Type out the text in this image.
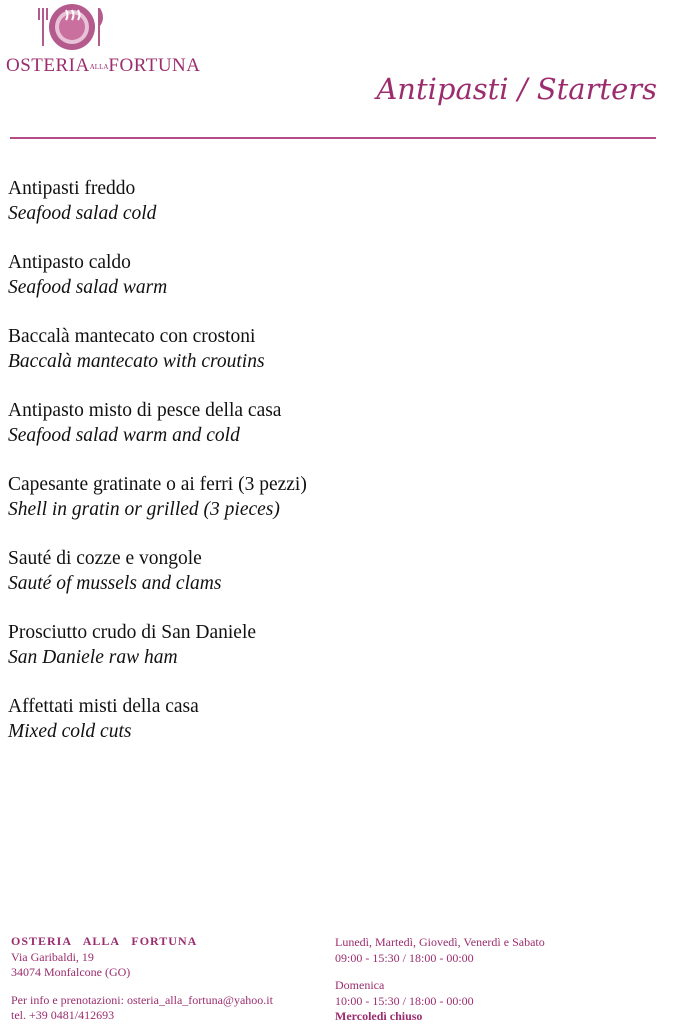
OSTERIAALLAFORTUNA
Antipasti / Starters
Antipasti freddo
Seafood salad cold
Antipasto caldo
Seafood salad warm
Baccalà mantecato con crostoni
Baccalà mantecato with croutins
Antipasto misto di pesce della casa
Seafood salad warm and cold
Capesante gratinate o ai ferri (3 pezzi)
Shell in gratin or grilled (3 pieces)
Sauté di cozze e vongole
Sauté of mussels and clams
Prosciutto crudo di San Daniele
San Daniele raw ham
Affettati misti della casa
Mixed cold cuts
OSTERIA   ALLA   FORTUNA
Via Garibaldi, 19
34074 Monfalcone (GO)
Per info e prenotazioni: osteria_alla_fortuna@yahoo.it
tel. +39 0481/412693
Lunedì, Martedì, Giovedì, Venerdì e Sabato
09:00 - 15:30 / 18:00 - 00:00
Domenica
10:00 - 15:30 / 18:00 - 00:00
Mercoledì chiuso
